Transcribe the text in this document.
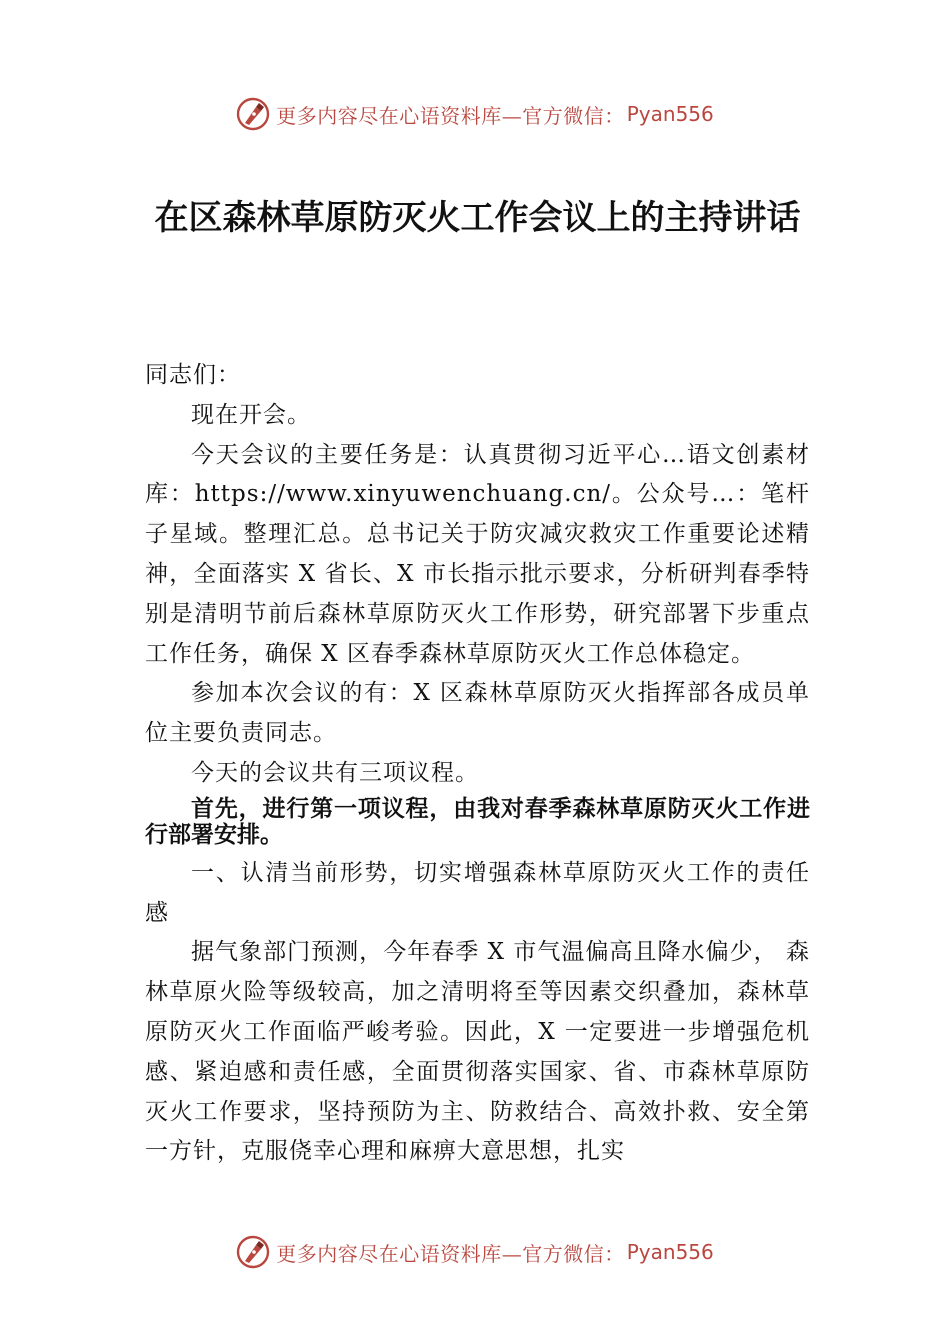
更多内容尽在心语资料库—官方微信： Pyan556
在区森林草原防灭火工作会议上的主持讲话

同志们：

现在开会。

今天会议的主要任务是：认真贯彻习近平心…语文创素材库：https://www.xinyuwenchuang.cn/。公众号…：笔杆子星域。整理汇总。总书记关于防灾减灾救灾工作重要论述精神，全面落实 X 省长、X 市长指示批示要求，分析研判春季特别是清明节前后森林草原防灭火工作形势，研究部署下步重点工作任务，确保 X 区春季森林草原防灭火工作总体稳定。

参加本次会议的有：X 区森林草原防灭火指挥部各成员单位主要负责同志。

今天的会议共有三项议程。

首先，进行第一项议程，由我对春季森林草原防灭火工作进行部署安排。

一、认清当前形势，切实增强森林草原防灭火工作的责任感

据气象部门预测，今年春季 X 市气温偏高且降水偏少， 森林草原火险等级较高，加之清明将至等因素交织叠加，森林草原防灭火工作面临严峻考验。因此，X 一定要进一步增强危机感、紧迫感和责任感，全面贯彻落实国家、省、市森林草原防灭火工作要求，坚持预防为主、防救结合、高效扑救、安全第一方针，克服侥幸心理和麻痹大意思想，扎实

更多内容尽在心语资料库—官方微信： Pyan556
